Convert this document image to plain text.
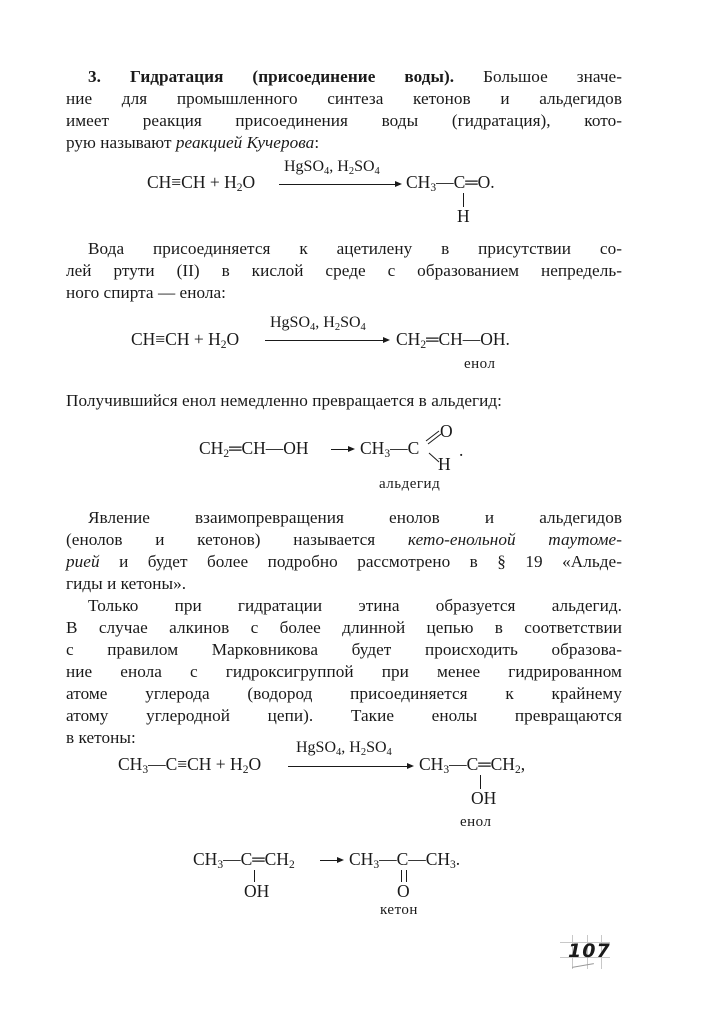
3. Гидратация (присоединение воды). Большое значе-
ние для промышленного синтеза кетонов и альдегидов
имеет реакция присоединения воды (гидратация), кото-
рую называют реакцией Кучерова:
$CH\equiv CH + H_2O$
HgSO$_4$, $H_2SO_4$
$CH_3—C═O$.
H
Вода присоединяется к ацетилену в присутствии со-
лей ртути (II) в кислой среде с образованием непредель-
ного спирта — енола:
$CH\equiv CH + H_2O$
HgSO$_4$, $H_2SO_4$
$CH_2═CH—OH$.
енол
Получившийся енол немедленно превращается в альдегид:
$CH_2═CH—OH$ → $CH_3—C$
O
H
.
альдегид
Явление взаимопревращения енолов и альдегидов
(енолов и кетонов) называется кето-енольной таутоме-
рией и будет более подробно рассмотрено в § 19 «Альде-
гиды и кетоны».
Только при гидратации этина образуется альдегид.
В случае алкинов с более длинной цепью в соответствии
с правилом Марковникова будет происходить образова-
ние енола с гидроксигруппой при менее гидрированном
атоме углерода (водород присоединяется к крайнему
атому углеродной цепи). Такие енолы превращаются
в кетоны:
$CH_3—C\equiv CH + H_2O$
HgSO$_4$, $H_2SO_4$
$CH_3—C═CH_2$,
OH
енол
$CH_3—C═CH_2$
OH
→ $CH_3—C—CH_3$.
O
кетон
107
